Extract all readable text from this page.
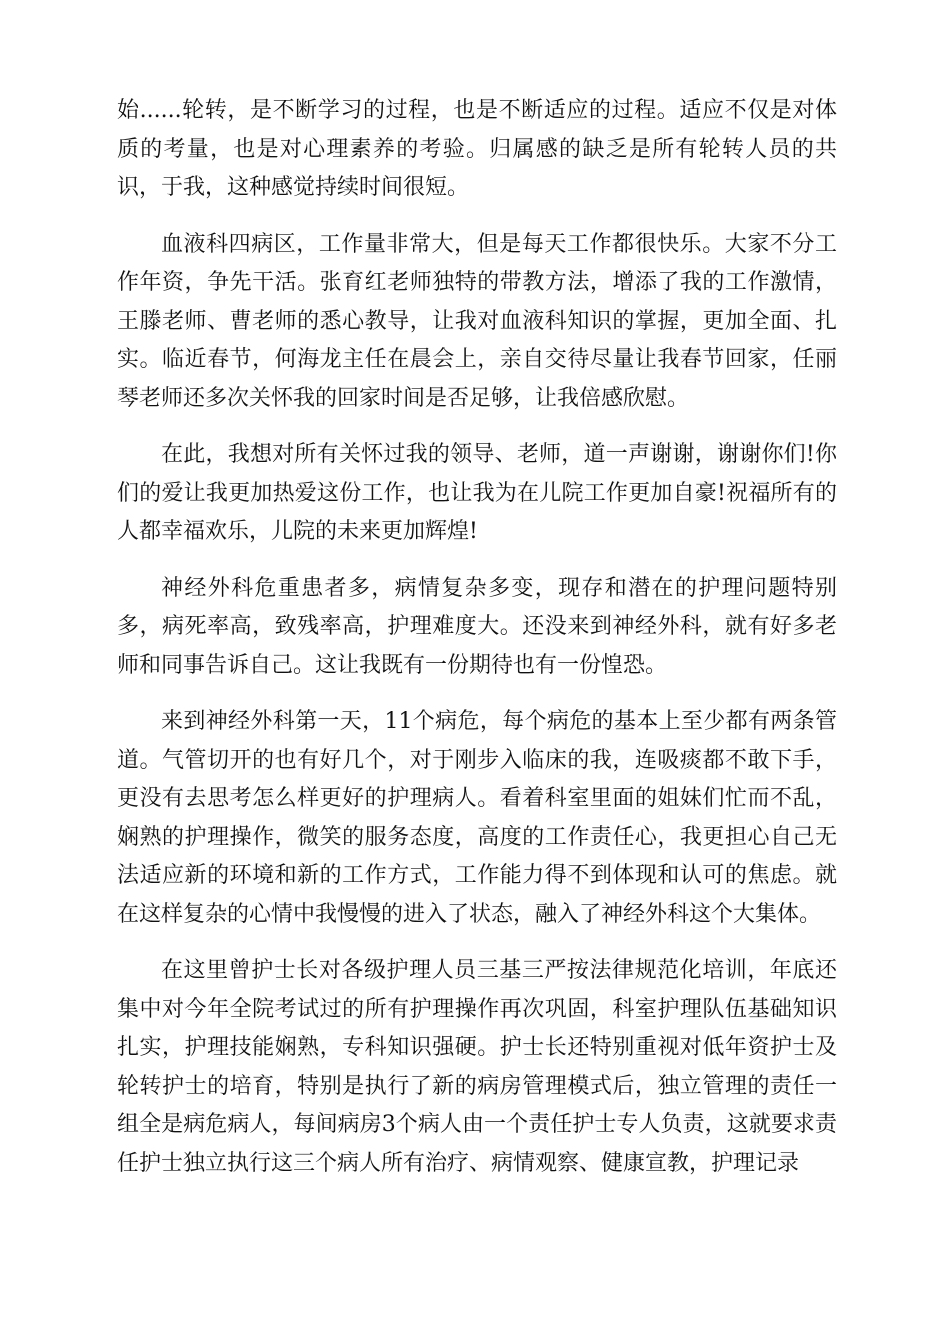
始......轮转，是不断学习的过程，也是不断适应的过程。适应不仅是对体质的考量，也是对心理素养的考验。归属感的缺乏是所有轮转人员的共识，于我，这种感觉持续时间很短。

血液科四病区，工作量非常大，但是每天工作都很快乐。大家不分工作年资，争先干活。张育红老师独特的带教方法，增添了我的工作激情，王滕老师、曹老师的悉心教导，让我对血液科知识的掌握，更加全面、扎实。临近春节，何海龙主任在晨会上，亲自交待尽量让我春节回家，任丽琴老师还多次关怀我的回家时间是否足够，让我倍感欣慰。

在此，我想对所有关怀过我的领导、老师，道一声谢谢，谢谢你们!你们的爱让我更加热爱这份工作，也让我为在儿院工作更加自豪!祝福所有的人都幸福欢乐，儿院的未来更加辉煌!

神经外科危重患者多，病情复杂多变，现存和潜在的护理问题特别多，病死率高，致残率高，护理难度大。还没来到神经外科，就有好多老师和同事告诉自己。这让我既有一份期待也有一份惶恐。

来到神经外科第一天，11个病危，每个病危的基本上至少都有两条管道。气管切开的也有好几个，对于刚步入临床的我，连吸痰都不敢下手，更没有去思考怎么样更好的护理病人。看着科室里面的姐妹们忙而不乱，娴熟的护理操作，微笑的服务态度，高度的工作责任心，我更担心自己无法适应新的环境和新的工作方式，工作能力得不到体现和认可的焦虑。就在这样复杂的心情中我慢慢的进入了状态，融入了神经外科这个大集体。

在这里曾护士长对各级护理人员三基三严按法律规范化培训，年底还集中对今年全院考试过的所有护理操作再次巩固，科室护理队伍基础知识扎实，护理技能娴熟，专科知识强硬。护士长还特别重视对低年资护士及轮转护士的培育，特别是执行了新的病房管理模式后，独立管理的责任一组全是病危病人，每间病房3个病人由一个责任护士专人负责，这就要求责任护士独立执行这三个病人所有治疗、病情观察、健康宣教，护理记录
